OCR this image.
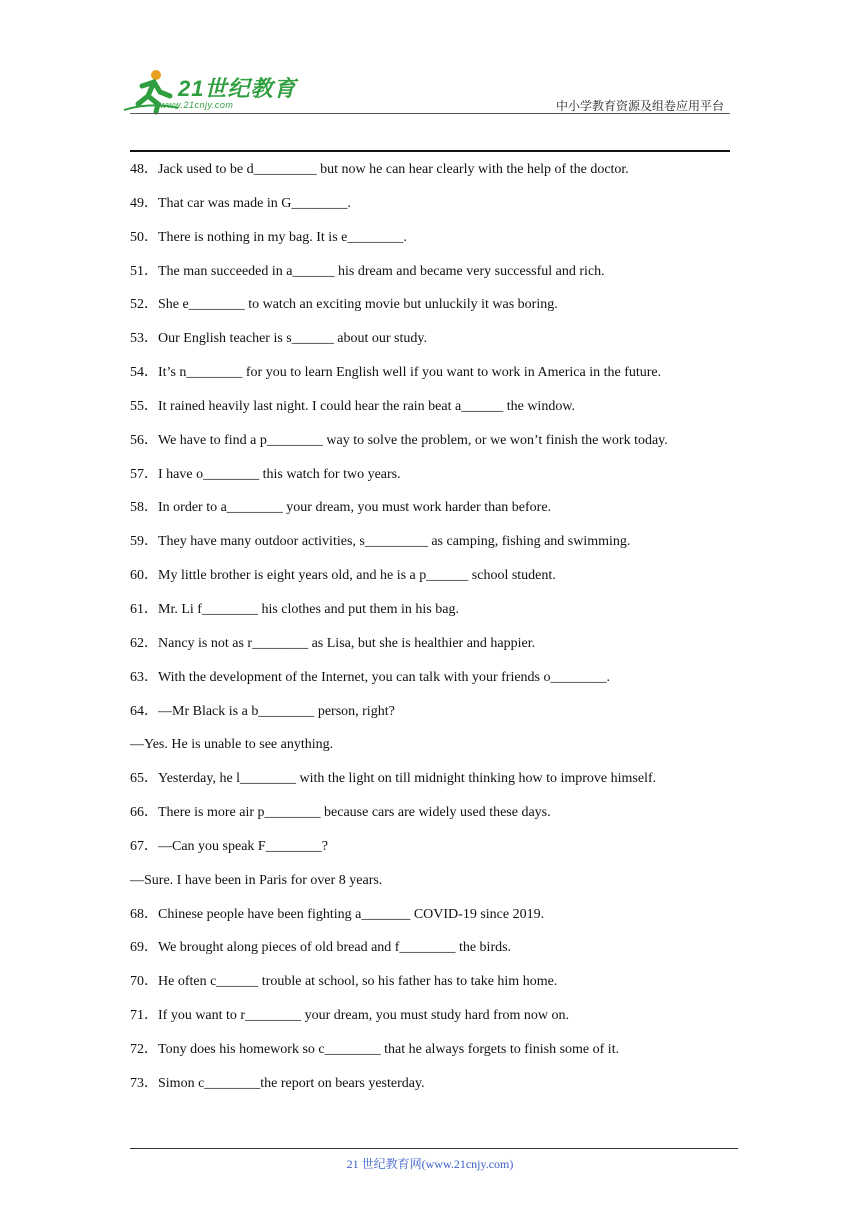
21世纪教育
www.21cnjy.com	中小学教育资源及组卷应用平台
48．Jack used to be d_________ but now he can hear clearly with the help of the doctor.
49．That car was made in G________.
50．There is nothing in my bag. It is e________.
51．The man succeeded in a______ his dream and became very successful and rich.
52．She e________ to watch an exciting movie but unluckily it was boring.
53．Our English teacher is s______ about our study.
54．It’s n________ for you to learn English well if you want to work in America in the future.
55．It rained heavily last night. I could hear the rain beat a______ the window.
56．We have to find a p________ way to solve the problem, or we won’t finish the work today.
57．I have o________ this watch for two years.
58．In order to a________ your dream, you must work harder than before.
59．They have many outdoor activities, s_________ as camping, fishing and swimming.
60．My little brother is eight years old, and he is a p______ school student.
61．Mr. Li f________ his clothes and put them in his bag.
62．Nancy is not as r________ as Lisa, but she is healthier and happier.
63．With the development of the Internet, you can talk with your friends o________.
64．—Mr Black is a b________ person, right?
—Yes. He is unable to see anything.
65．Yesterday, he l________ with the light on till midnight thinking how to improve himself.
66．There is more air p________ because cars are widely used these days.
67．—Can you speak F________?
—Sure. I have been in Paris for over 8 years.
68．Chinese people have been fighting a_______ COVID-19 since 2019.
69．We brought along pieces of old bread and f________ the birds.
70．He often c______ trouble at school, so his father has to take him home.
71．If you want to r________ your dream, you must study hard from now on.
72．Tony does his homework so c________ that he always forgets to finish some of it.
73．Simon c________the report on bears yesterday.
21 世纪教育网(www.21cnjy.com)
